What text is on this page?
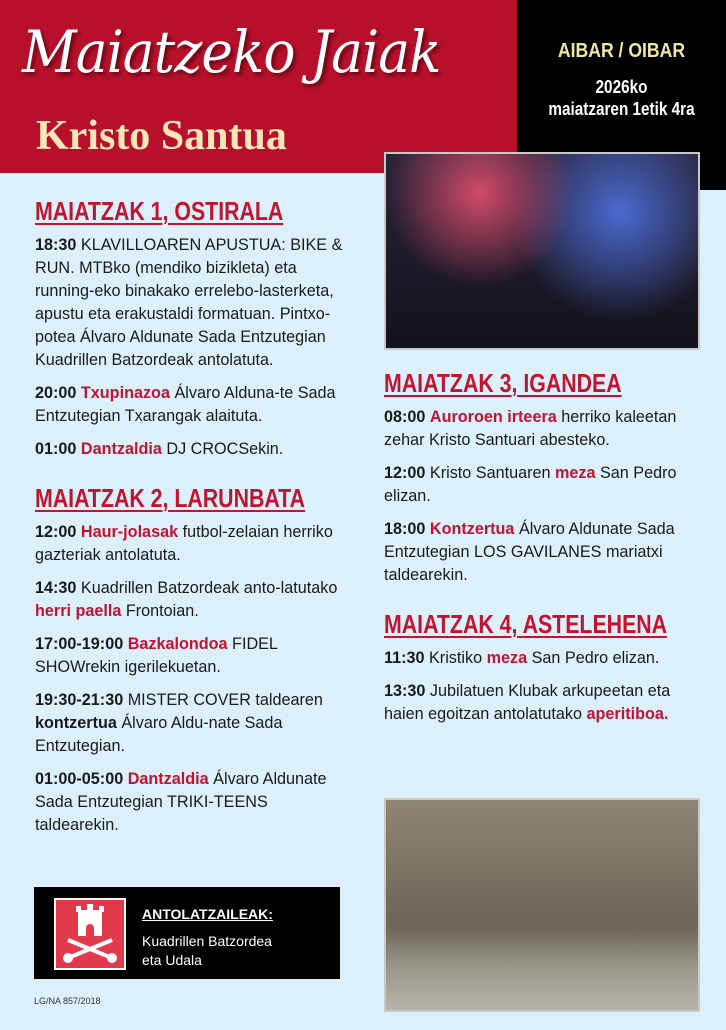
Maiatzeko Jaiak
Kristo Santua
AIBAR / OIBAR
2026ko
maiatzaren 1etik 4ra
MAIATZAK 1, OSTIRALA
18:30 KLAVILLOAREN APUSTUA: BIKE & RUN. MTBko (mendiko bizikleta) eta running-eko binakako errelebo-lasterketa, apustu eta erakustaldi formatuan. Pintxo-potea Álvaro Aldunate Sada Entzutegian Kuadrillen Batzordeak antolatuta.
20:00 Txupinazoa Álvaro Alduna-te Sada Entzutegian Txarangak alaituta.
01:00 Dantzaldia DJ CROCSekin.
MAIATZAK 2, LARUNBATA
12:00 Haur-jolasak futbol-zelaian herriko gazteriak antolatuta.
14:30 Kuadrillen Batzordeak anto-latutako herri paella Frontoian.
17:00-19:00 Bazkalondoa FIDEL SHOWrekin igerilekuetan.
19:30-21:30 MISTER COVER taldearen kontzertua Álvaro Aldu-nate Sada Entzutegian.
01:00-05:00 Dantzaldia Álvaro Aldunate Sada Entzutegian TRIKI-TEENS taldearekin.
MAIATZAK 3, IGANDEA
08:00 Auroroen irteera herriko kaleetan zehar Kristo Santuari abesteko.
12:00 Kristo Santuaren meza San Pedro elizan.
18:00 Kontzertua Álvaro Aldunate Sada Entzutegian LOS GAVILANES mariatxi taldearekin.
MAIATZAK 4, ASTELEHENA
11:30 Kristiko meza San Pedro elizan.
13:30 Jubilatuen Klubak arkupeetan eta haien egoitzan antolatutako aperitiboa.
ANTOLATZAILEAK:
Kuadrillen Batzordea
eta Udala
LG/NA 857/2018
